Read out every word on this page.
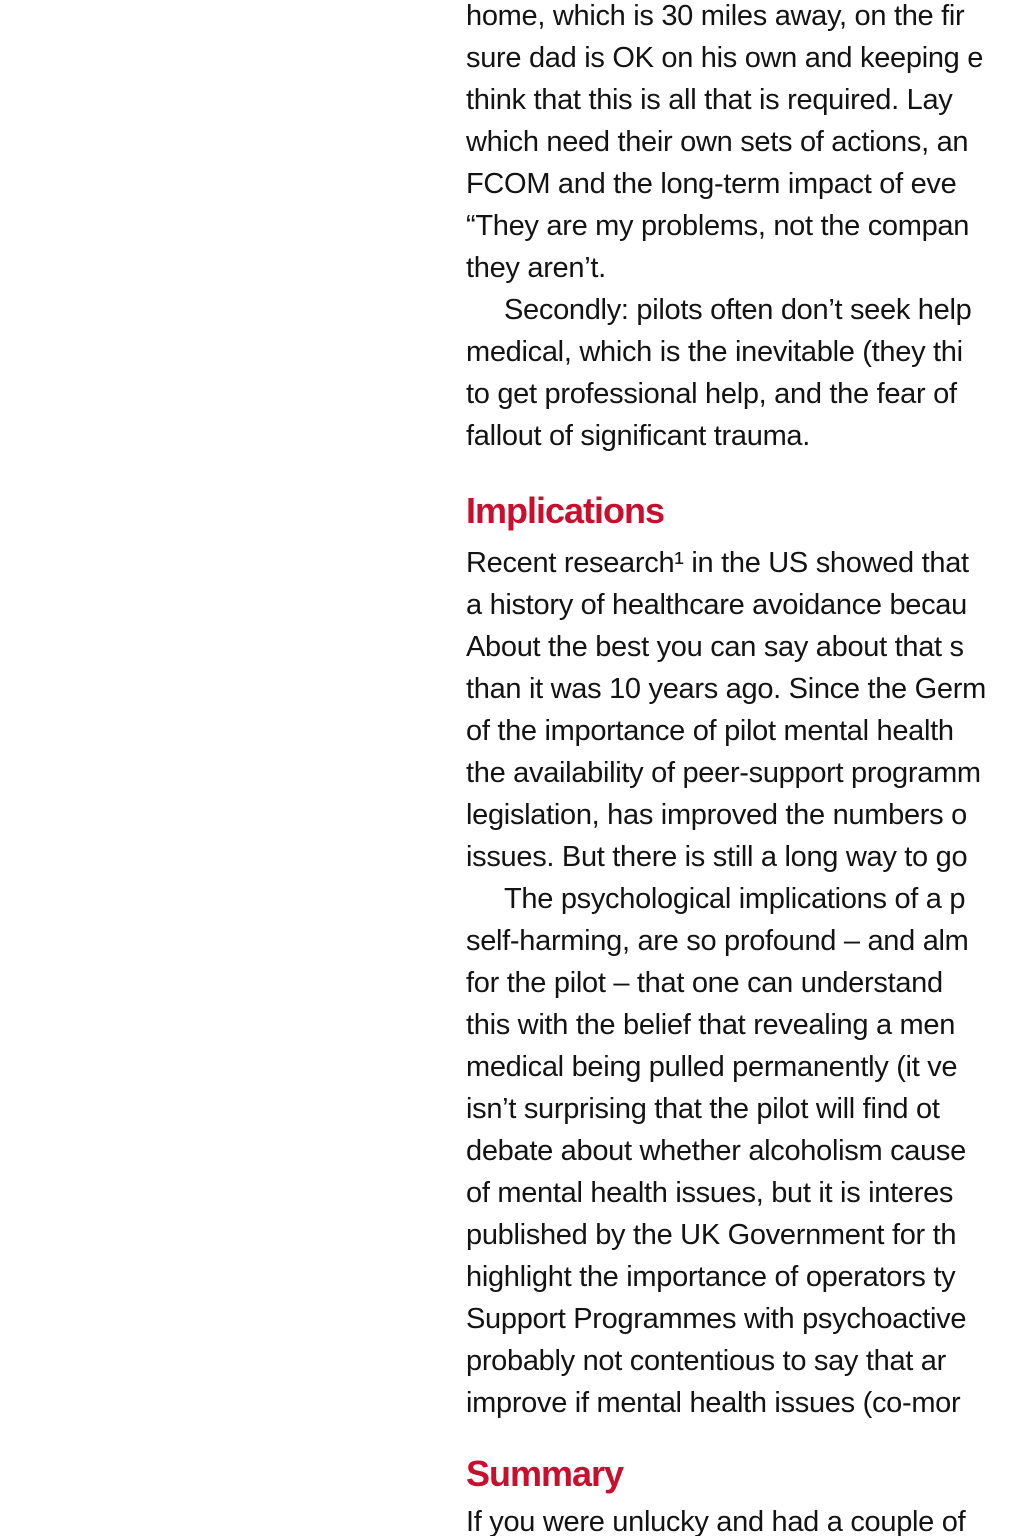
home, which is 30 miles away, on the fir
sure dad is OK on his own and keeping e
think that this is all that is required. Lay
which need their own sets of actions, an
FCOM and the long-term impact of eve
“They are my problems, not the compan
they aren’t.
Secondly: pilots often don’t seek help
medical, which is the inevitable (they thi
to get professional help, and the fear of
fallout of significant trauma.
Implications
Recent research¹ in the US showed that
a history of healthcare avoidance becau
About the best you can say about that s
than it was 10 years ago. Since the Germ
of the importance of pilot mental health
the availability of peer-support programm
legislation, has improved the numbers o
issues. But there is still a long way to go
The psychological implications of a p
self-harming, are so profound – and alm
for the pilot – that one can understand
this with the belief that revealing a men
medical being pulled permanently (it ve
isn’t surprising that the pilot will find ot
debate about whether alcoholism cause
of mental health issues, but it is interes
published by the UK Government for th
highlight the importance of operators ty
Support Programmes with psychoactive
probably not contentious to say that ar
improve if mental health issues (co-mor
Summary
If you were unlucky and had a couple of
